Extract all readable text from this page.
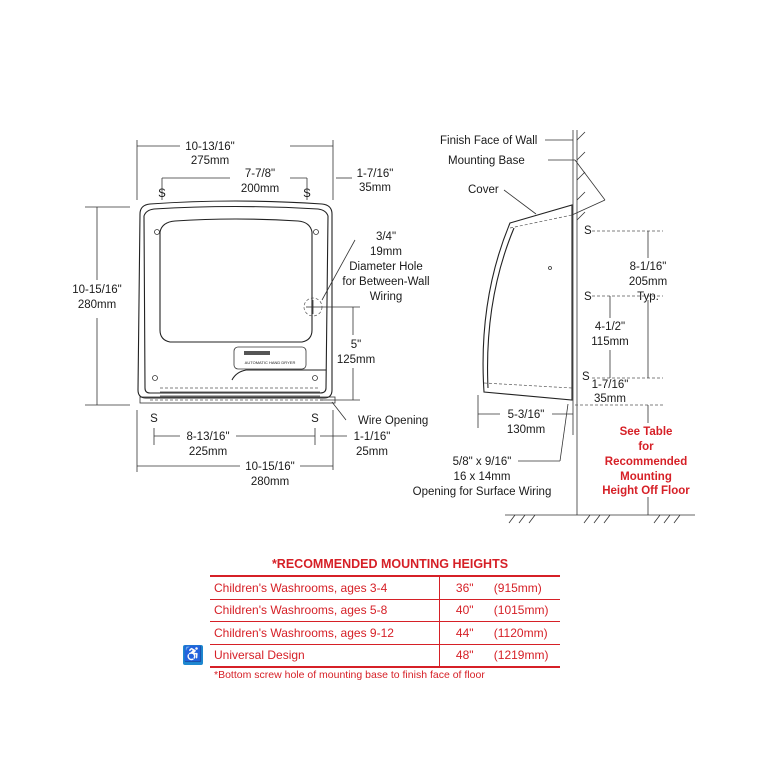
10-13/16"
275mm
7-7/8"
200mm
S	S
1-7/16"
35mm
10-15/16"
280mm
AUTOMATIC HAND DRYER
3/4"
19mm
Diameter Hole
for Between-Wall
Wiring
5"
125mm
Wire Opening
S	S
8-13/16"
225mm
1-1/16"
25mm
10-15/16"
280mm
Finish Face of Wall
Mounting Base
Cover
S
S
S
8-1/16"
205mm
Typ.
4-1/2"
115mm
1-7/16"
35mm
5-3/16"
130mm
5/8" x 9/16"
16 x 14mm
Opening for Surface Wiring
See Table
for
Recommended
Mounting
Height Off Floor
*RECOMMENDED MOUNTING HEIGHTS
Children's Washrooms, ages 3-4	36"	(915mm)
Children's Washrooms, ages 5-8	40"	(1015mm)
Children's Washrooms, ages 9-12	44"	(1120mm)
Universal Design	48"	(1219mm)
♿
*Bottom screw hole of mounting base to finish face of floor
